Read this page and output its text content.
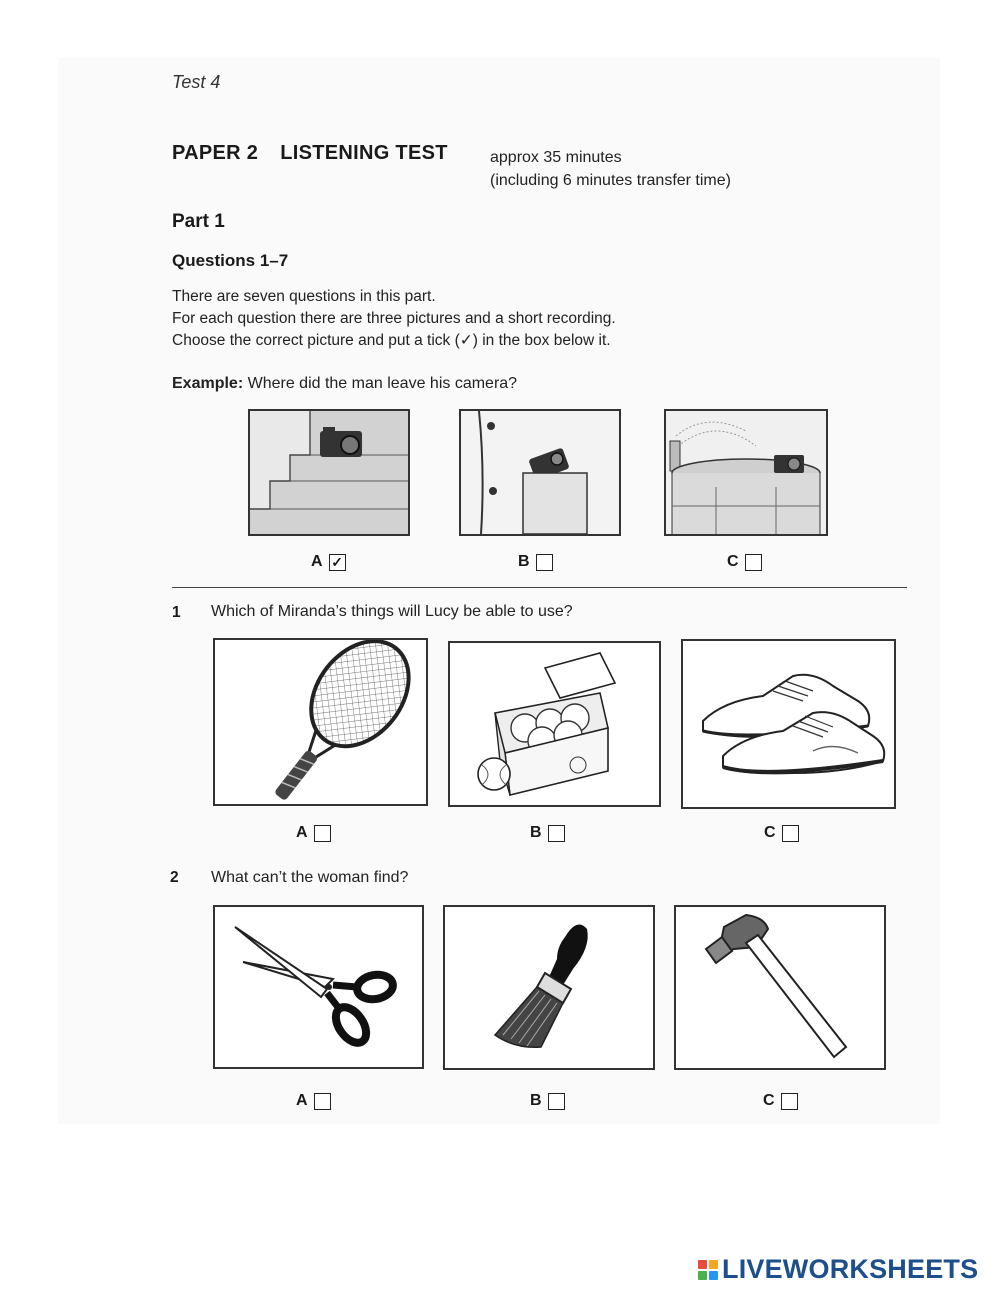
Test 4
PAPER 2 LISTENING TEST	approx 35 minutes
(including 6 minutes transfer time)
Part 1
Questions 1–7
There are seven questions in this part.
For each question there are three pictures and a short recording.
Choose the correct picture and put a tick (✓) in the box below it.
Example: Where did the man leave his camera?
A ✓	B	C
1 Which of Miranda’s things will Lucy be able to use?
A	B	C
2 What can’t the woman find?
A	B	C
LIVEWORKSHEETS
